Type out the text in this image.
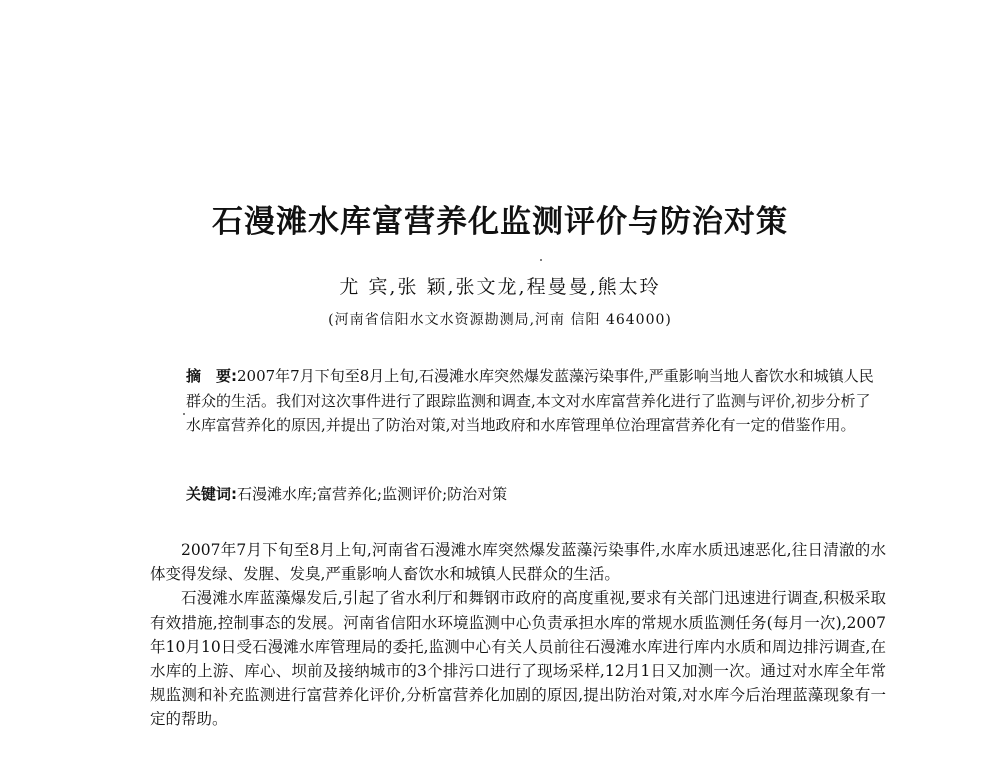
石漫滩水库富营养化监测评价与防治对策
尤 宾,张 颖,张文龙,程曼曼,熊太玲
(河南省信阳水文水资源勘测局,河南 信阳 464000)

摘　要:2007年7月下旬至8月上旬,石漫滩水库突然爆发蓝藻污染事件,严重影响当地人畜饮水和城镇人民群众的生活。我们对这次事件进行了跟踪监测和调查,本文对水库富营养化进行了监测与评价,初步分析了水库富营养化的原因,并提出了防治对策,对当地政府和水库管理单位治理富营养化有一定的借鉴作用。

关键词:石漫滩水库;富营养化;监测评价;防治对策

2007年7月下旬至8月上旬,河南省石漫滩水库突然爆发蓝藻污染事件,水库水质迅速恶化,往日清澈的水体变得发绿、发腥、发臭,严重影响人畜饮水和城镇人民群众的生活。

石漫滩水库蓝藻爆发后,引起了省水利厅和舞钢市政府的高度重视,要求有关部门迅速进行调查,积极采取有效措施,控制事态的发展。河南省信阳水环境监测中心负责承担水库的常规水质监测任务(每月一次),2007年10月10日受石漫滩水库管理局的委托,监测中心有关人员前往石漫滩水库进行库内水质和周边排污调查,在水库的上游、库心、坝前及接纳城市的3个排污口进行了现场采样,12月1日又加测一次。通过对水库全年常规监测和补充监测进行富营养化评价,分析富营养化加剧的原因,提出防治对策,对水库今后治理蓝藻现象有一定的帮助。
